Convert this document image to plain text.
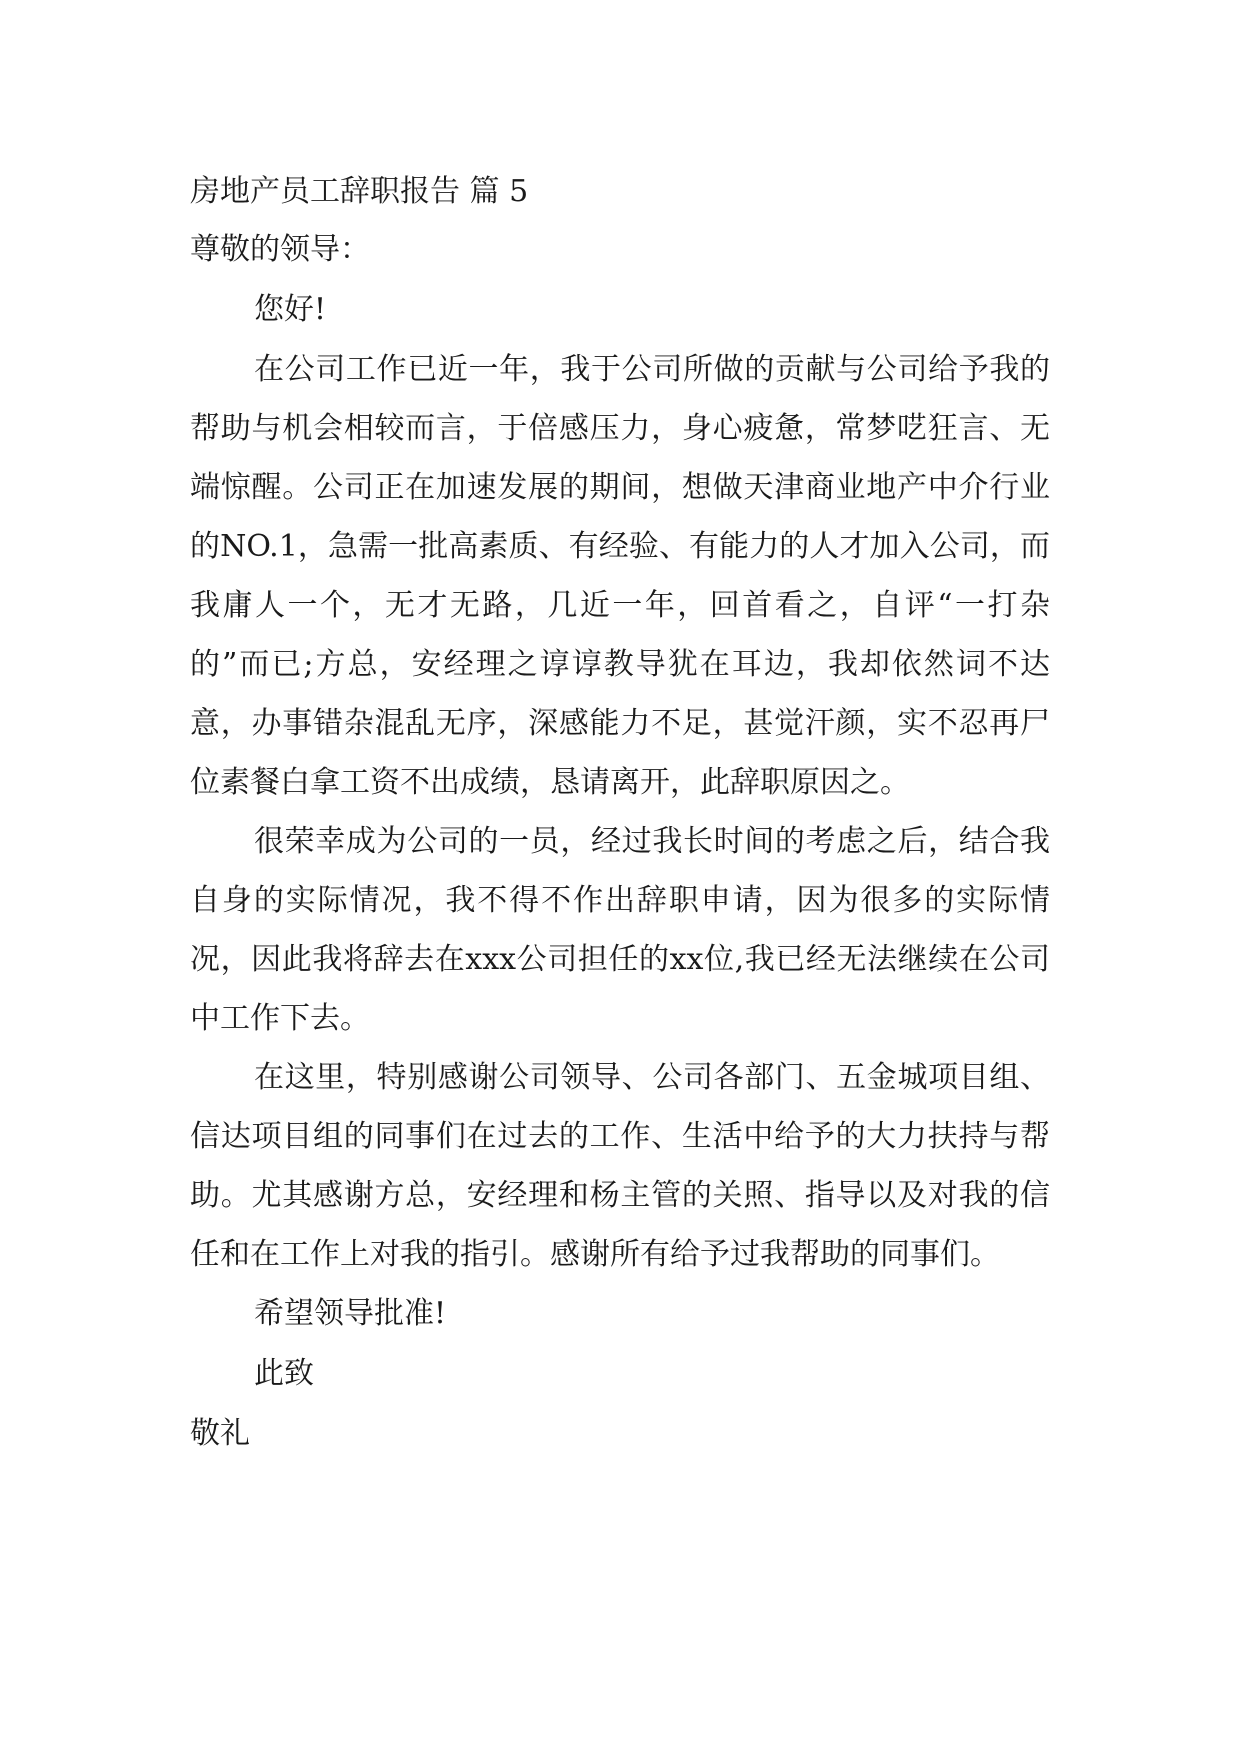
房地产员工辞职报告 篇 5

尊敬的领导：

您好!

在公司工作已近一年，我于公司所做的贡献与公司给予我的帮助与机会相较而言，于倍感压力，身心疲惫，常梦呓狂言、无端惊醒。公司正在加速发展的期间，想做天津商业地产中介行业的NO.1，急需一批高素质、有经验、有能力的人才加入公司，而我庸人一个，无才无路，几近一年，回首看之，自评“一打杂的”而已;方总，安经理之谆谆教导犹在耳边，我却依然词不达意，办事错杂混乱无序，深感能力不足，甚觉汗颜，实不忍再尸位素餐白拿工资不出成绩，恳请离开，此辞职原因之。

很荣幸成为公司的一员，经过我长时间的考虑之后，结合我自身的实际情况，我不得不作出辞职申请，因为很多的实际情况，因此我将辞去在xxx公司担任的xx位,我已经无法继续在公司中工作下去。

在这里，特别感谢公司领导、公司各部门、五金城项目组、信达项目组的同事们在过去的工作、生活中给予的大力扶持与帮助。尤其感谢方总，安经理和杨主管的关照、指导以及对我的信任和在工作上对我的指引。感谢所有给予过我帮助的同事们。

希望领导批准!

此致

敬礼
